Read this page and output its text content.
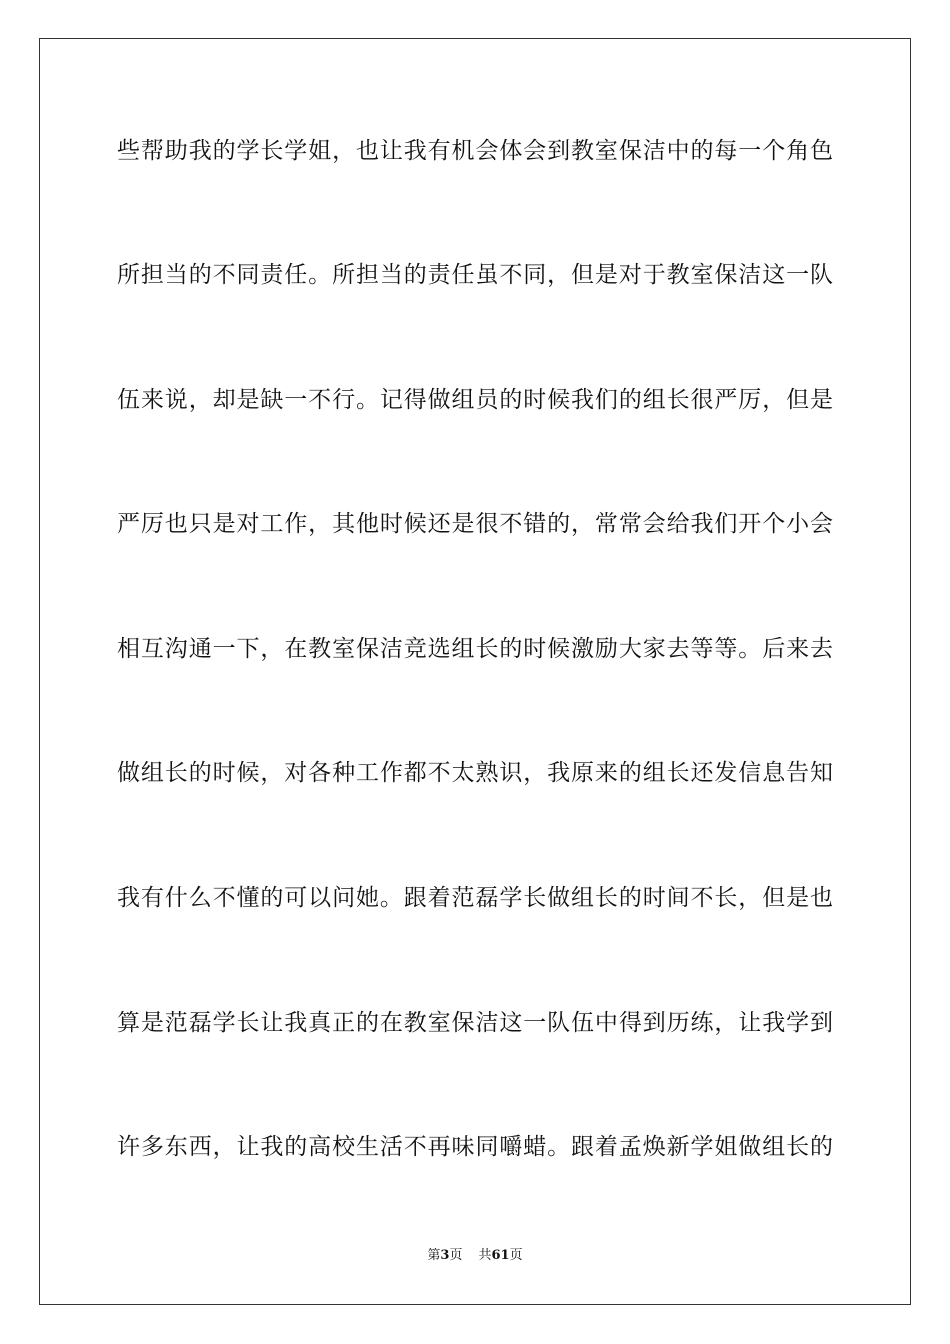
些帮助我的学长学姐，也让我有机会体会到教室保洁中的每一个角色
所担当的不同责任。所担当的责任虽不同，但是对于教室保洁这一队
伍来说，却是缺一不行。记得做组员的时候我们的组长很严厉，但是
严厉也只是对工作，其他时候还是很不错的，常常会给我们开个小会
相互沟通一下，在教室保洁竞选组长的时候激励大家去等等。后来去
做组长的时候，对各种工作都不太熟识，我原来的组长还发信息告知
我有什么不懂的可以问她。跟着范磊学长做组长的时间不长，但是也
算是范磊学长让我真正的在教室保洁这一队伍中得到历练，让我学到
许多东西，让我的高校生活不再味同嚼蜡。跟着孟焕新学姐做组长的
第3页 共61页
